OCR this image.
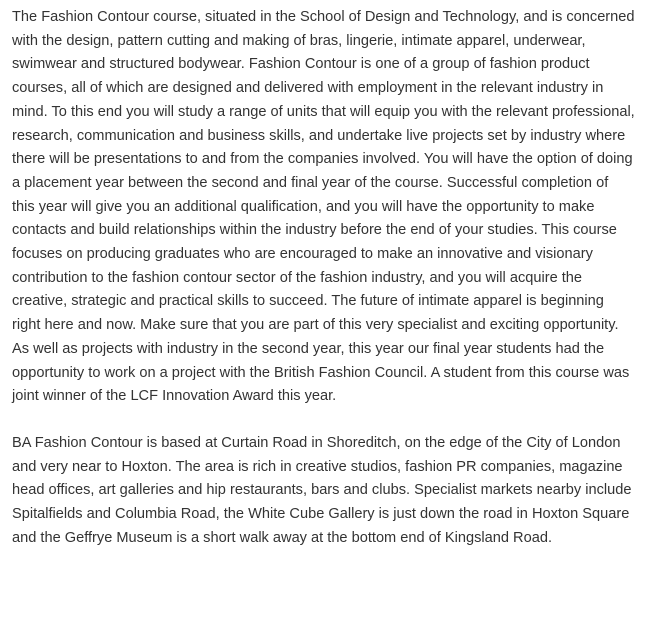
The Fashion Contour course, situated in the School of Design and Technology, and is concerned with the design, pattern cutting and making of bras, lingerie, intimate apparel, underwear, swimwear and structured bodywear. Fashion Contour is one of a group of fashion product courses, all of which are designed and delivered with employment in the relevant industry in mind. To this end you will study a range of units that will equip you with the relevant professional, research, communication and business skills, and undertake live projects set by industry where there will be presentations to and from the companies involved. You will have the option of doing a placement year between the second and final year of the course. Successful completion of this year will give you an additional qualification, and you will have the opportunity to make contacts and build relationships within the industry before the end of your studies. This course focuses on producing graduates who are encouraged to make an innovative and visionary contribution to the fashion contour sector of the fashion industry, and you will acquire the creative, strategic and practical skills to succeed. The future of intimate apparel is beginning right here and now. Make sure that you are part of this very specialist and exciting opportunity. As well as projects with industry in the second year, this year our final year students had the opportunity to work on a project with the British Fashion Council. A student from this course was joint winner of the LCF Innovation Award this year.

BA Fashion Contour is based at Curtain Road in Shoreditch, on the edge of the City of London and very near to Hoxton. The area is rich in creative studios, fashion PR companies, magazine head offices, art galleries and hip restaurants, bars and clubs. Specialist markets nearby include Spitalfields and Columbia Road, the White Cube Gallery is just down the road in Hoxton Square and the Geffrye Museum is a short walk away at the bottom end of Kingsland Road.
